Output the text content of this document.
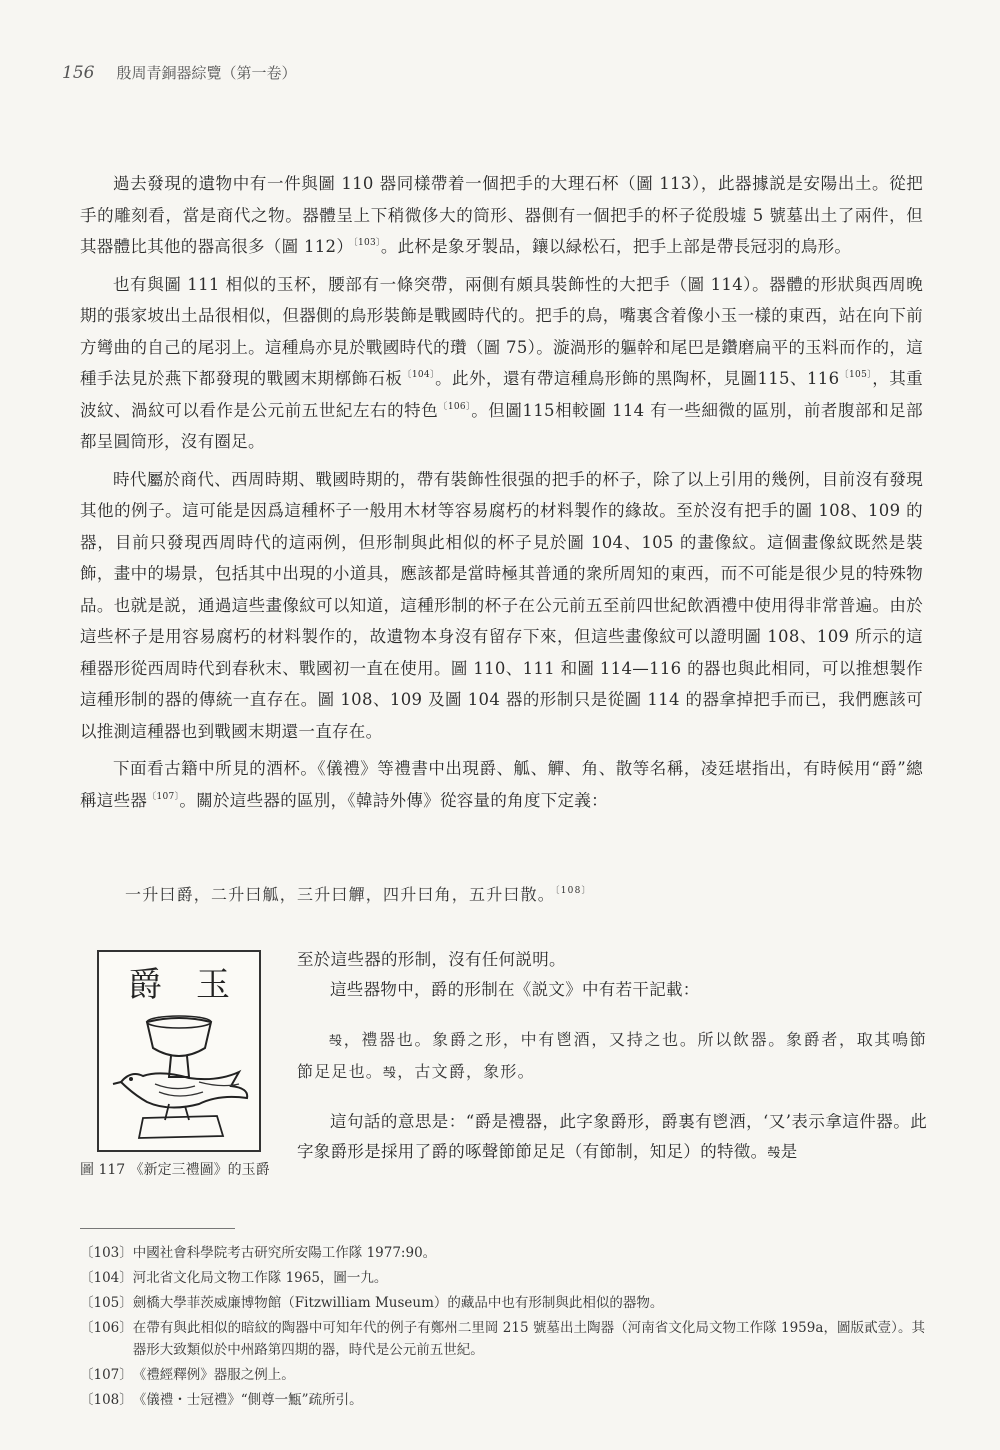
156 殷周青銅器綜覽（第一卷）

過去發現的遺物中有一件與圖 110 器同樣帶着一個把手的大理石杯（圖 113），此器據説是安陽出土。從把手的雕刻看，當是商代之物。器體呈上下稍微侈大的筒形、器側有一個把手的杯子從殷墟 5 號墓出土了兩件，但其器體比其他的器高很多（圖 112）$^{〔103〕}$。此杯是象牙製品，鑲以緑松石，把手上部是帶長冠羽的鳥形。

也有與圖 111 相似的玉杯，腰部有一條突帶，兩側有頗具裝飾性的大把手（圖 114）。器體的形狀與西周晚期的張家坡出土品很相似，但器側的鳥形裝飾是戰國時代的。把手的鳥，嘴裏含着像小玉一樣的東西，站在向下前方彎曲的自己的尾羽上。這種鳥亦見於戰國時代的瓚（圖 75）。漩渦形的軀幹和尾巴是鑽磨扁平的玉料而作的，這種手法見於燕下都發現的戰國末期槨飾石板$^{〔104〕}$。此外，還有帶這種鳥形飾的黑陶杯，見圖115、$116^{〔105〕}$，其重波紋、渦紋可以看作是公元前五世紀左右的特色$^{〔106〕}$。但圖115相較圖 114 有一些細微的區別，前者腹部和足部都呈圓筒形，沒有圈足。

時代屬於商代、西周時期、戰國時期的，帶有裝飾性很强的把手的杯子，除了以上引用的幾例，目前沒有發現其他的例子。這可能是因爲這種杯子一般用木材等容易腐朽的材料製作的緣故。至於沒有把手的圖 108、109 的器，目前只發現西周時代的這兩例，但形制與此相似的杯子見於圖 104、105 的畫像紋。這個畫像紋既然是裝飾，畫中的場景，包括其中出現的小道具，應該都是當時極其普通的衆所周知的東西，而不可能是很少見的特殊物品。也就是説，通過這些畫像紋可以知道，這種形制的杯子在公元前五至前四世紀飲酒禮中使用得非常普遍。由於這些杯子是用容易腐朽的材料製作的，故遺物本身沒有留存下來，但這些畫像紋可以證明圖 108、109 所示的這種器形從西周時代到春秋末、戰國初一直在使用。圖 110、111 和圖 114—116 的器也與此相同，可以推想製作這種形制的器的傳統一直存在。圖 108、109 及圖 104 器的形制只是從圖 114 的器拿掉把手而已，我們應該可以推測這種器也到戰國末期還一直存在。

下面看古籍中所見的酒杯。《儀禮》等禮書中出現爵、觚、觶、角、散等名稱，凌廷堪指出，有時候用“爵”總稱這些器$^{〔107〕}$。關於這些器的區別，《韓詩外傳》從容量的角度下定義：

一升曰爵，二升曰觚，三升曰觶，四升曰角，五升曰散。$^{〔108〕}$
爵　玉
圖 117 《新定三禮圖》的玉爵

至於這些器的形制，沒有任何説明。

這些器物中，爵的形制在《説文》中有若干記載：

𣪊，禮器也。象爵之形，中有鬯酒，又持之也。所以飲器。象爵者，取其鳴節節足足也。𣪊，古文爵，象形。

這句話的意思是：“爵是禮器，此字象爵形，爵裏有鬯酒，‘又’表示拿這件器。此字象爵形是採用了爵的啄聲節節足足（有節制，知足）的特徵。𣪊是

〔103〕 中國社會科學院考古研究所安陽工作隊 1977:90。
〔104〕 河北省文化局文物工作隊 1965，圖一九。
〔105〕 劍橋大學菲茨威廉博物館（Fitzwilliam Museum）的藏品中也有形制與此相似的器物。
〔106〕 在帶有與此相似的暗紋的陶器中可知年代的例子有鄭州二里岡 215 號墓出土陶器（河南省文化局文物工作隊 1959a，圖版貳壹）。其器形大致類似於中州路第四期的器，時代是公元前五世紀。
〔107〕 《禮經釋例》器服之例上。
〔108〕 《儀禮・士冠禮》“側尊一甒”疏所引。
